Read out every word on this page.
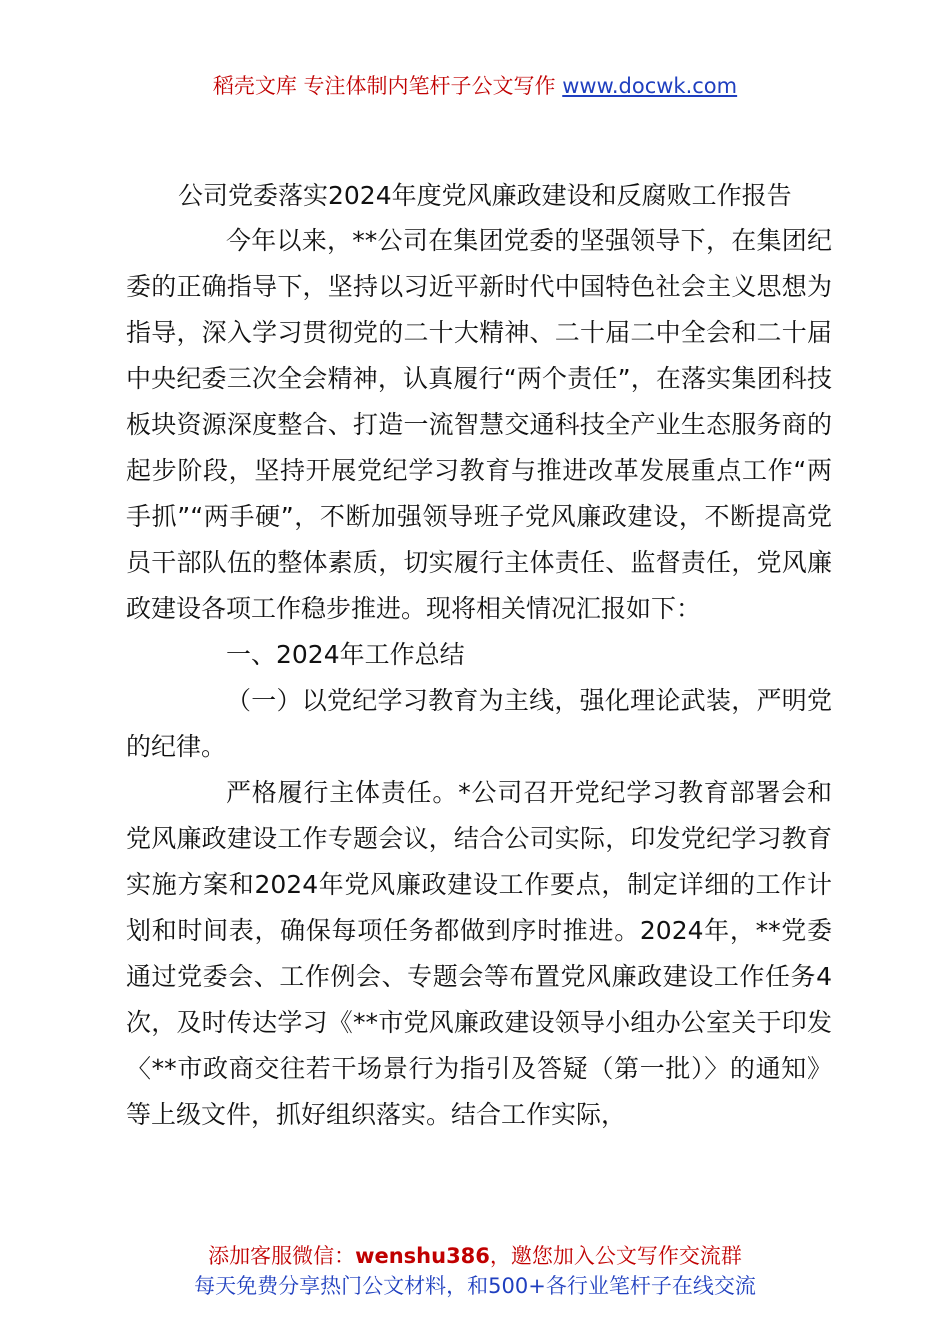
稻壳文库 专注体制内笔杆子公文写作 www.docwk.com

公司党委落实2024年度党风廉政建设和反腐败工作报告

今年以来，**公司在集团党委的坚强领导下，在集团纪委的正确指导下，坚持以习近平新时代中国特色社会主义思想为指导，深入学习贯彻党的二十大精神、二十届二中全会和二十届中央纪委三次全会精神，认真履行“两个责任”，在落实集团科技板块资源深度整合、打造一流智慧交通科技全产业生态服务商的起步阶段，坚持开展党纪学习教育与推进改革发展重点工作“两手抓”“两手硬”，不断加强领导班子党风廉政建设，不断提高党员干部队伍的整体素质，切实履行主体责任、监督责任，党风廉政建设各项工作稳步推进。现将相关情况汇报如下：

一、2024年工作总结

（一）以党纪学习教育为主线，强化理论武装，严明党的纪律。

严格履行主体责任。*公司召开党纪学习教育部署会和党风廉政建设工作专题会议，结合公司实际，印发党纪学习教育实施方案和2024年党风廉政建设工作要点，制定详细的工作计划和时间表，确保每项任务都做到序时推进。2024年，**党委通过党委会、工作例会、专题会等布置党风廉政建设工作任务4次，及时传达学习《**市党风廉政建设领导小组办公室关于印发〈**市政商交往若干场景行为指引及答疑（第一批）〉的通知》等上级文件，抓好组织落实。结合工作实际，

添加客服微信：wenshu386，邀您加入公文写作交流群
每天免费分享热门公文材料，和500+各行业笔杆子在线交流
